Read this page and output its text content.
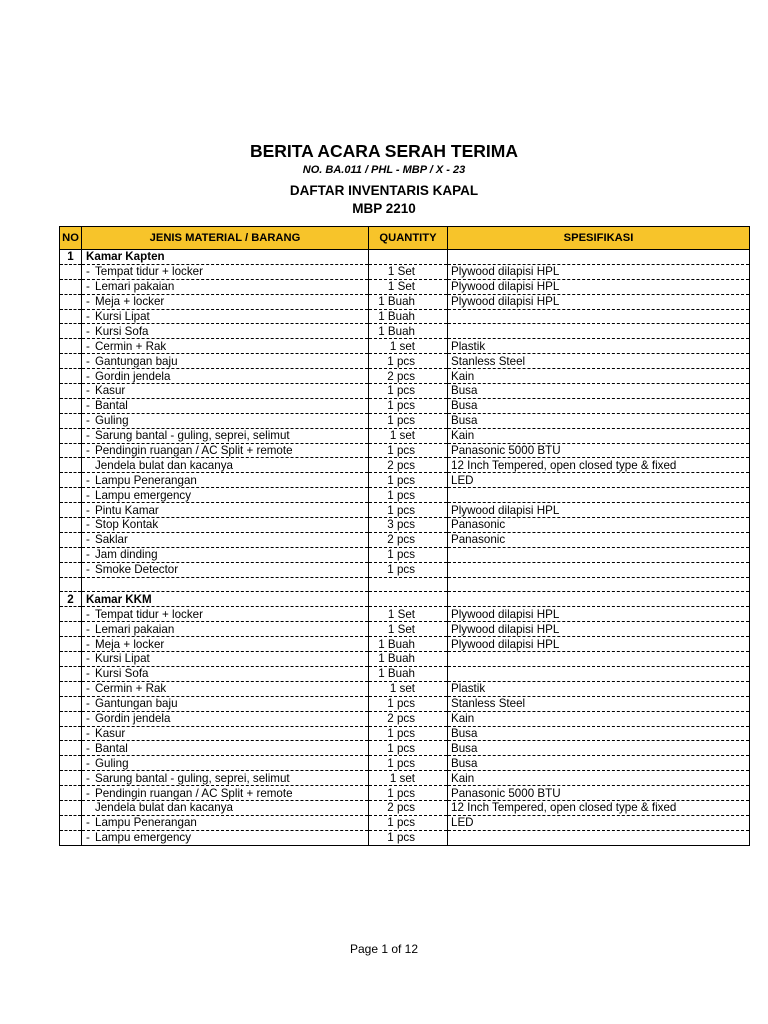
BERITA ACARA SERAH TERIMA
NO. BA.011 / PHL - MBP / X - 23
DAFTAR INVENTARIS KAPAL
MBP 2210
NO	JENIS MATERIAL / BARANG	QUANTITY	SPESIFIKASI
1	Kamar Kapten		
	- Tempat tidur + locker	1 Set	Plywood dilapisi HPL
	- Lemari pakaian	1 Set	Plywood dilapisi HPL
	- Meja + locker	1 Buah	Plywood dilapisi HPL
	- Kursi Lipat	1 Buah	
	- Kursi Sofa	1 Buah	
	- Cermin + Rak	1 set	Plastik
	- Gantungan baju	1 pcs	Stanless Steel
	- Gordin jendela	2 pcs	Kain
	- Kasur	1 pcs	Busa
	- Bantal	1 pcs	Busa
	- Guling	1 pcs	Busa
	- Sarung bantal - guling, seprei, selimut	1 set	Kain
	- Pendingin ruangan / AC Split + remote	1 pcs	Panasonic 5000 BTU
	Jendela bulat dan kacanya	2 pcs	12 Inch Tempered, open closed type & fixed
	- Lampu Penerangan	1 pcs	LED
	- Lampu emergency	1 pcs	
	- Pintu Kamar	1 pcs	Plywood dilapisi HPL
	- Stop Kontak	3 pcs	Panasonic
	- Saklar	2 pcs	Panasonic
	- Jam dinding	1 pcs	
	- Smoke Detector	1 pcs	

2	Kamar KKM		
	- Tempat tidur + locker	1 Set	Plywood dilapisi HPL
	- Lemari pakaian	1 Set	Plywood dilapisi HPL
	- Meja + locker	1 Buah	Plywood dilapisi HPL
	- Kursi Lipat	1 Buah	
	- Kursi Sofa	1 Buah	
	- Cermin + Rak	1 set	Plastik
	- Gantungan baju	1 pcs	Stanless Steel
	- Gordin jendela	2 pcs	Kain
	- Kasur	1 pcs	Busa
	- Bantal	1 pcs	Busa
	- Guling	1 pcs	Busa
	- Sarung bantal - guling, seprei, selimut	1 set	Kain
	- Pendingin ruangan / AC Split + remote	1 pcs	Panasonic 5000 BTU
	Jendela bulat dan kacanya	2 pcs	12 Inch Tempered, open closed type & fixed
	- Lampu Penerangan	1 pcs	LED
	- Lampu emergency	1 pcs	
Page 1 of 12
